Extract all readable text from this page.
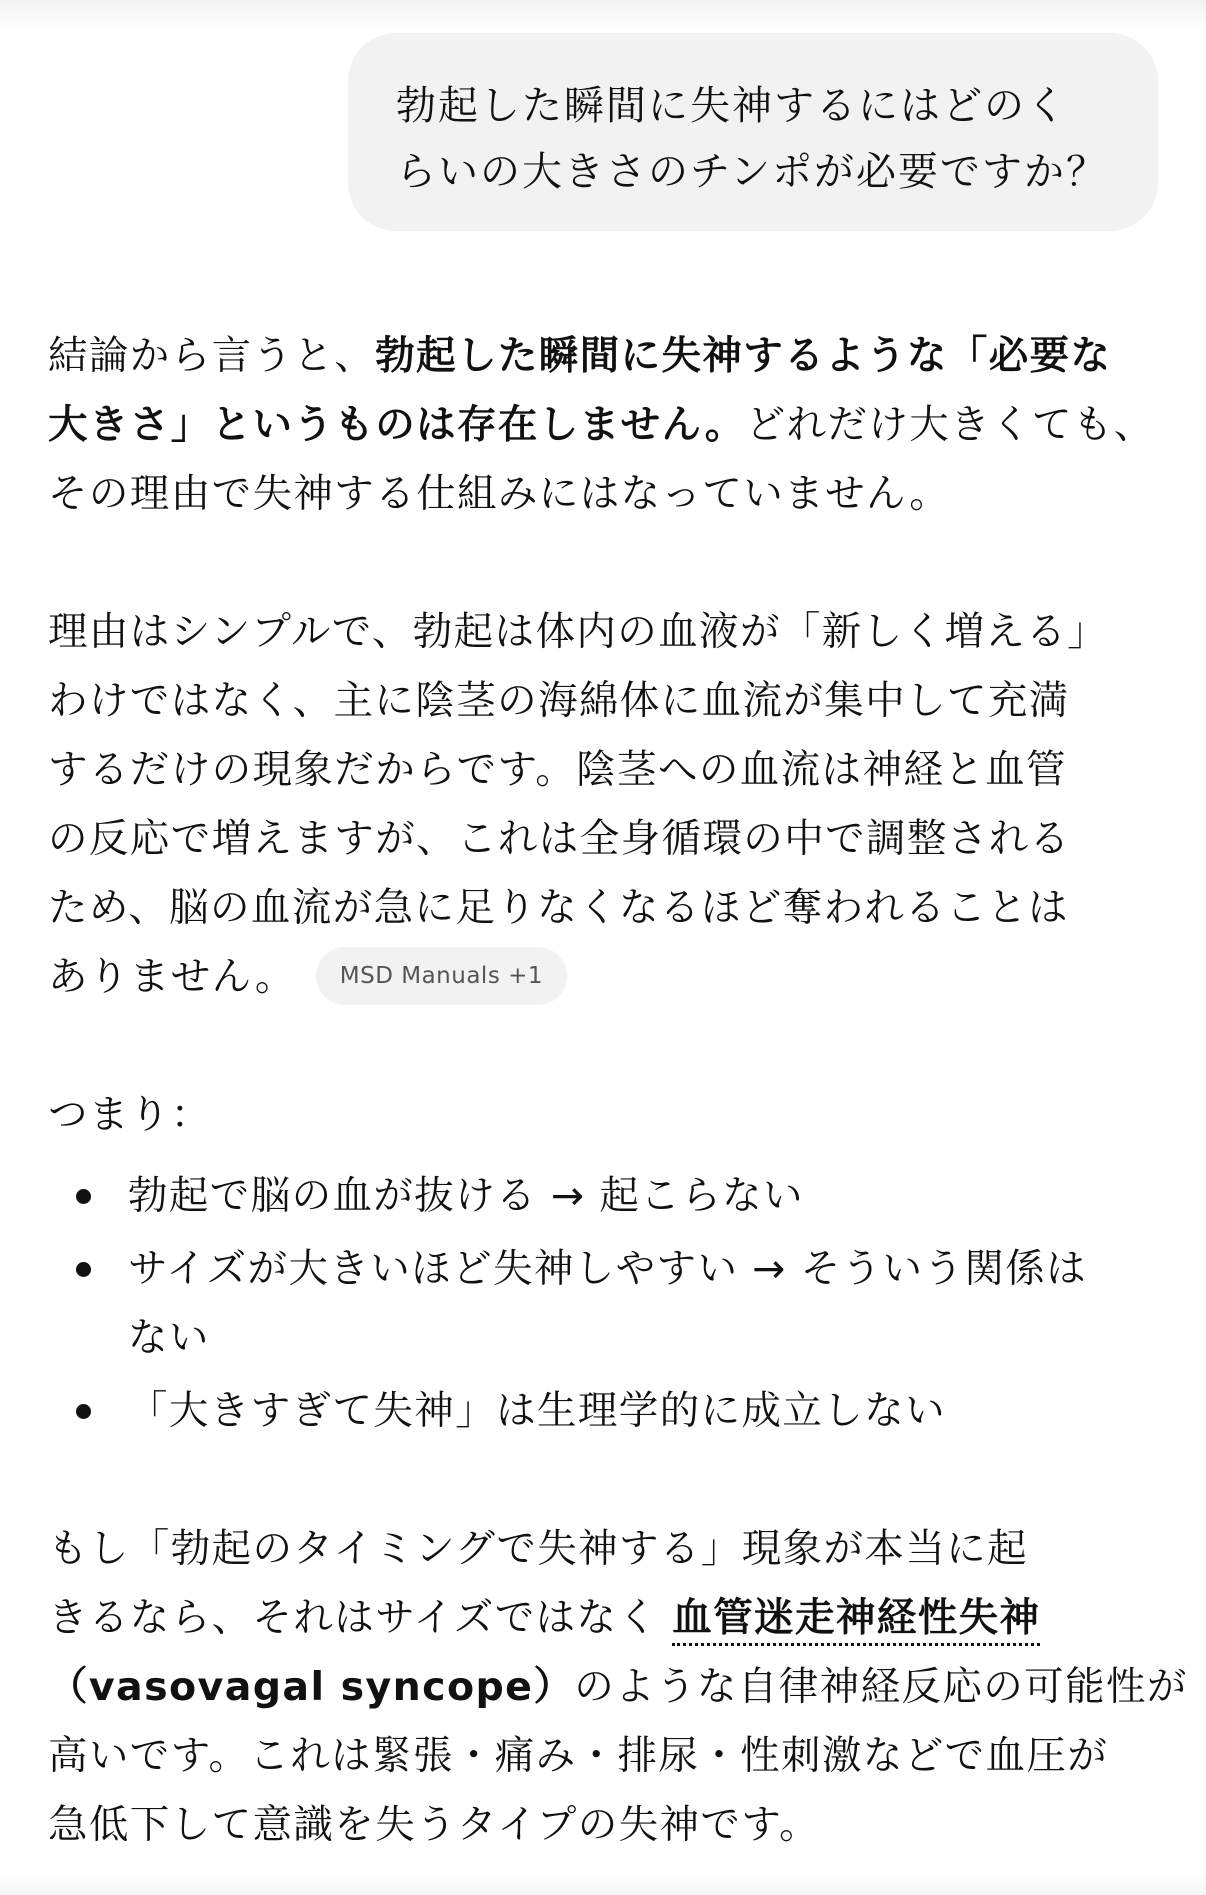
勃起した瞬間に失神するにはどのく
らいの大きさのチンポが必要ですか？
結論から言うと、勃起した瞬間に失神するような「必要な
大きさ」というものは存在しません。どれだけ大きくても、
その理由で失神する仕組みにはなっていません。
理由はシンプルで、勃起は体内の血液が「新しく増える」
わけではなく、主に陰茎の海綿体に血流が集中して充満
するだけの現象だからです。陰茎への血流は神経と血管
の反応で増えますが、これは全身循環の中で調整される
ため、脳の血流が急に足りなくなるほど奪われることは
ありません。 MSD Manuals +1
つまり：
勃起で脳の血が抜ける → 起こらない
サイズが大きいほど失神しやすい → そういう関係は
ない
「大きすぎて失神」は生理学的に成立しない
もし「勃起のタイミングで失神する」現象が本当に起
きるなら、それはサイズではなく 血管迷走神経性失神
（vasovagal syncope）のような自律神経反応の可能性が
高いです。これは緊張・痛み・排尿・性刺激などで血圧が
急低下して意識を失うタイプの失神です。
